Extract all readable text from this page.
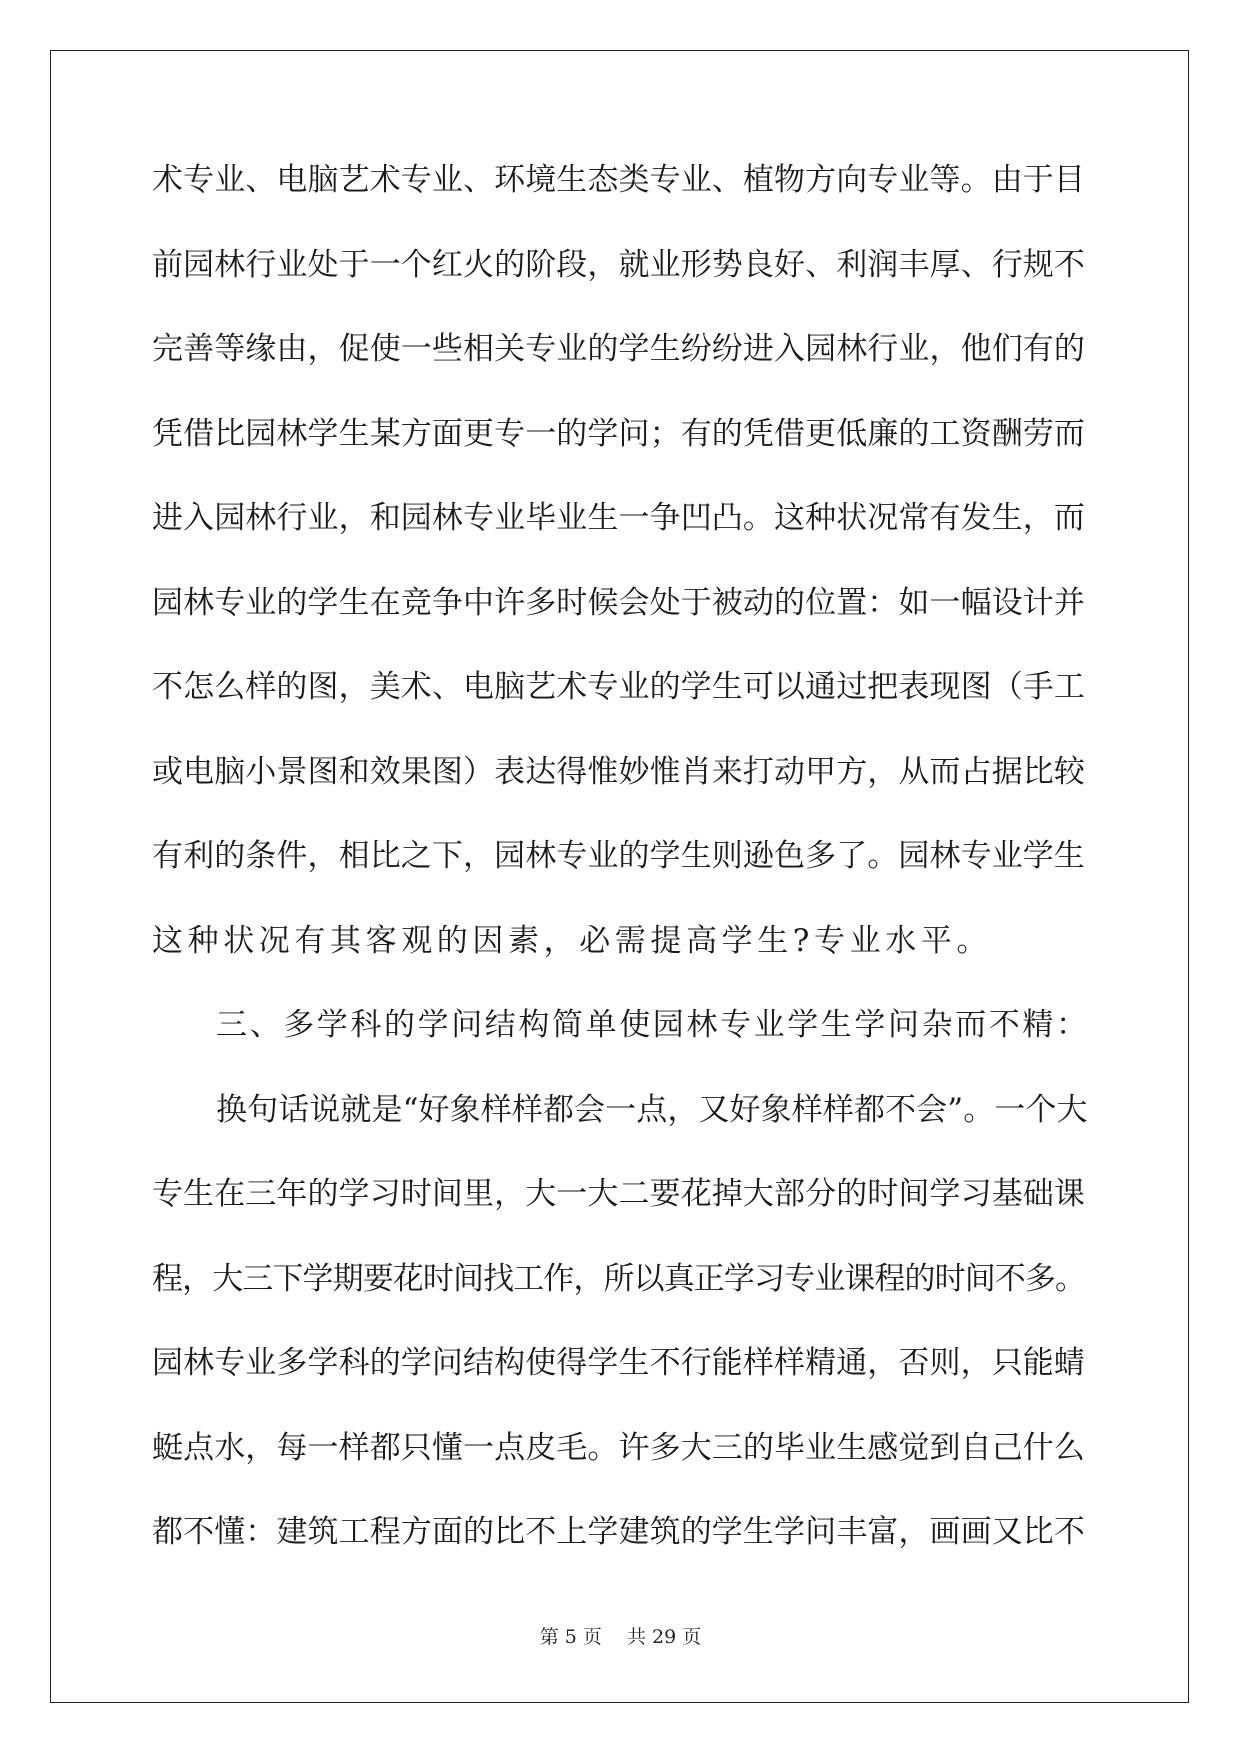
术专业、电脑艺术专业、环境生态类专业、植物方向专业等。由于目
前园林行业处于一个红火的阶段，就业形势良好、利润丰厚、行规不
完善等缘由，促使一些相关专业的学生纷纷进入园林行业，他们有的
凭借比园林学生某方面更专一的学问；有的凭借更低廉的工资酬劳而
进入园林行业，和园林专业毕业生一争凹凸。这种状况常有发生，而
园林专业的学生在竞争中许多时候会处于被动的位置：如一幅设计并
不怎么样的图，美术、电脑艺术专业的学生可以通过把表现图（手工
或电脑小景图和效果图）表达得惟妙惟肖来打动甲方，从而占据比较
有利的条件，相比之下，园林专业的学生则逊色多了。园林专业学生
这种状况有其客观的因素，必需提高学生?专业水平。
三、多学科的学问结构简单使园林专业学生学问杂而不精：
换句话说就是“好象样样都会一点，又好象样样都不会”。一个大
专生在三年的学习时间里，大一大二要花掉大部分的时间学习基础课
程，大三下学期要花时间找工作，所以真正学习专业课程的时间不多。
园林专业多学科的学问结构使得学生不行能样样精通，否则，只能蜻
蜓点水，每一样都只懂一点皮毛。许多大三的毕业生感觉到自己什么
都不懂：建筑工程方面的比不上学建筑的学生学问丰富，画画又比不
第 5 页　 共 29 页
